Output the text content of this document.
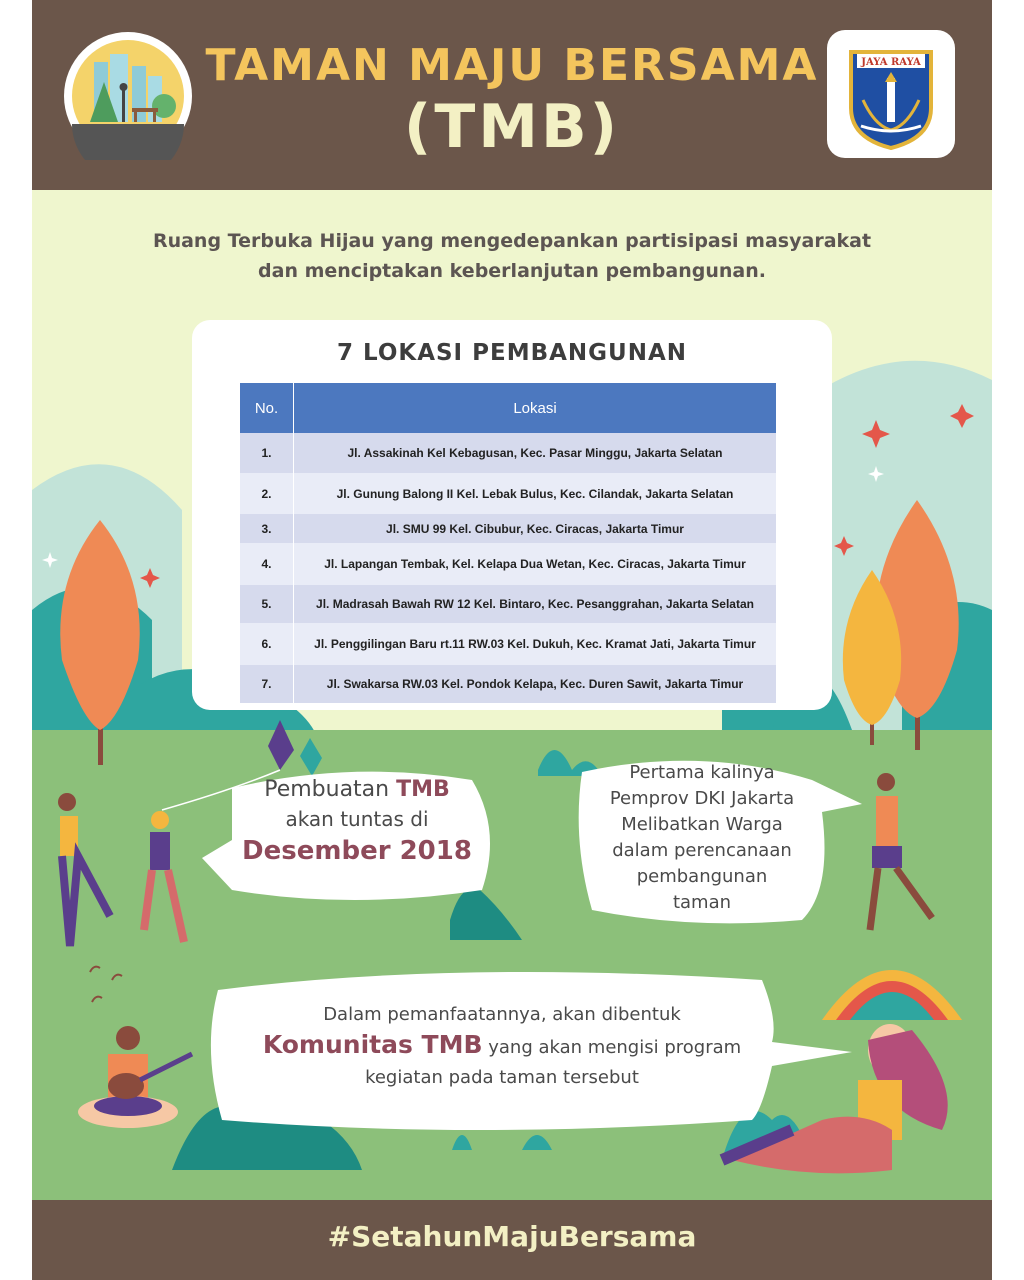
TAMAN MAJU BERSAMA
(TMB)
JAYA RAYA
Ruang Terbuka Hijau yang mengedepankan partisipasi masyarakat
dan menciptakan keberlanjutan pembangunan.
7 LOKASI PEMBANGUNAN
No.	Lokasi
1.	Jl. Assakinah Kel Kebagusan, Kec. Pasar Minggu, Jakarta Selatan
2.	Jl. Gunung Balong II Kel. Lebak Bulus, Kec. Cilandak, Jakarta Selatan
3.	Jl. SMU 99 Kel. Cibubur, Kec. Ciracas, Jakarta Timur
4.	Jl. Lapangan Tembak, Kel. Kelapa Dua Wetan, Kec. Ciracas, Jakarta Timur
5.	Jl. Madrasah Bawah RW 12 Kel. Bintaro, Kec. Pesanggrahan, Jakarta Selatan
6.	Jl. Penggilingan Baru rt.11 RW.03 Kel. Dukuh, Kec. Kramat Jati, Jakarta Timur
7.	Jl. Swakarsa RW.03 Kel. Pondok Kelapa, Kec. Duren Sawit, Jakarta Timur
Pembuatan TMB
akan tuntas di
Desember 2018
Pertama kalinya
Pemprov DKI Jakarta
Melibatkan Warga
dalam perencanaan
pembangunan
taman
Dalam pemanfaatannya, akan dibentuk
Komunitas TMB yang akan mengisi program
kegiatan pada taman tersebut
#SetahunMajuBersama
